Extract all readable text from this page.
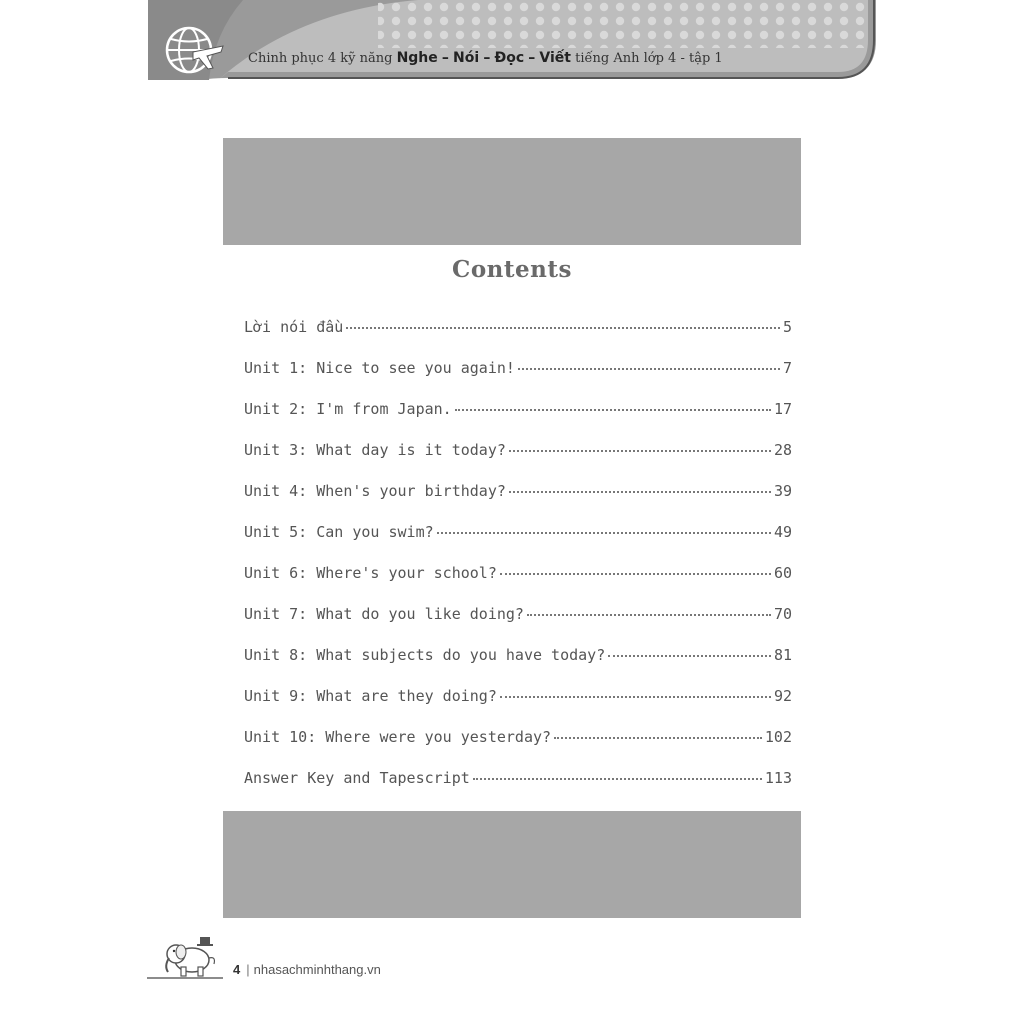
Chinh phục 4 kỹ năng Nghe – Nói – Đọc – Viết tiếng Anh lớp 4 - tập 1
Contents
Lời nói đầu	5
Unit 1: Nice to see you again!	7
Unit 2: I'm from Japan.	17
Unit 3: What day is it today?	28
Unit 4: When's your birthday?	39
Unit 5: Can you swim?	49
Unit 6: Where's your school?	60
Unit 7: What do you like doing?	70
Unit 8: What subjects do you have today?	81
Unit 9: What are they doing?	92
Unit 10: Where were you yesterday?	102
Answer Key and Tapescript	113
4 | nhasachminhthang.vn
